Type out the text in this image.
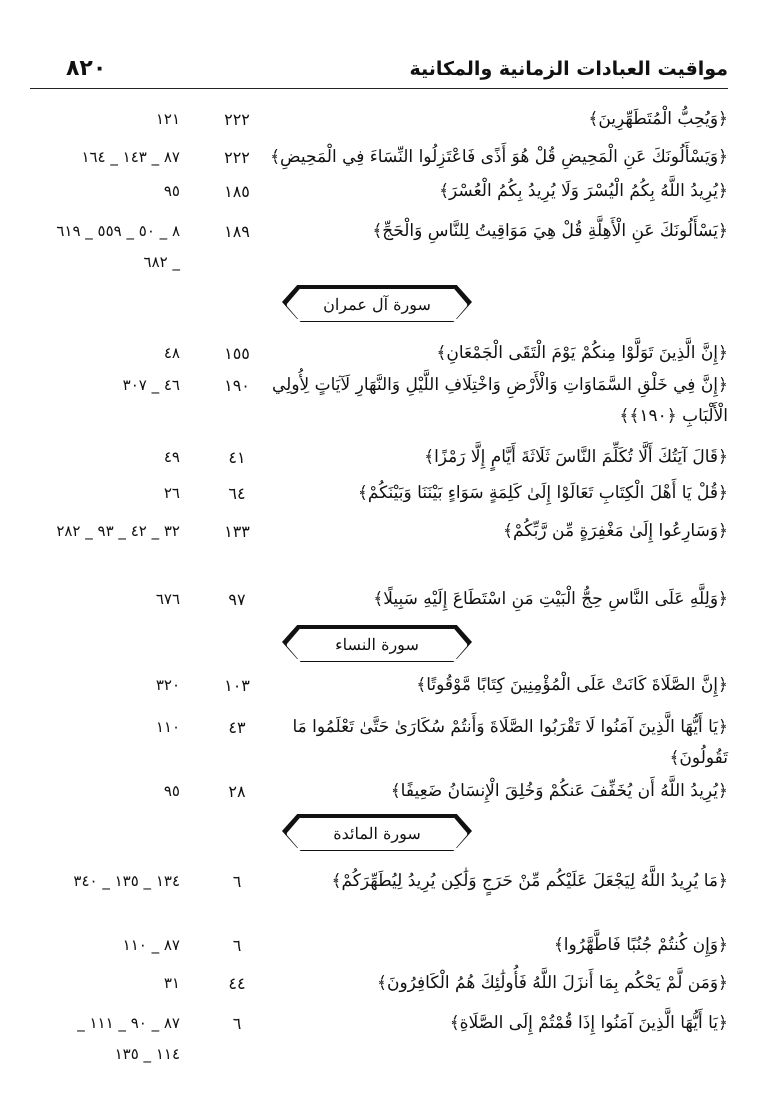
مواقيت العبادات الزمانية والمكانية
٨٢٠
﴿وَيُحِبُّ الْمُتَطَهِّرِينَ﴾
٢٢٢
١٢١
﴿وَيَسْأَلُونَكَ عَنِ الْمَحِيضِ قُلْ هُوَ أَذًى فَاعْتَزِلُوا النِّسَاءَ فِي الْمَحِيضِ﴾
٢٢٢
٨٧ _ ١٤٣ _ ١٦٤
﴿يُرِيدُ اللَّهُ بِكُمُ الْيُسْرَ وَلَا يُرِيدُ بِكُمُ الْعُسْرَ﴾
١٨٥
٩٥
﴿يَسْأَلُونَكَ عَنِ الْأَهِلَّةِ قُلْ هِيَ مَوَاقِيتُ لِلنَّاسِ وَالْحَجِّ﴾
١٨٩
٨ _ ٥٠ _ ٥٥٩ _ ٦١٩ _ ٦٨٢
سورة آل عمران
﴿إِنَّ الَّذِينَ تَوَلَّوْا مِنكُمْ يَوْمَ الْتَقَى الْجَمْعَانِ﴾
١٥٥
٤٨
﴿إِنَّ فِي خَلْقِ السَّمَاوَاتِ وَالْأَرْضِ وَاخْتِلَافِ اللَّيْلِ وَالنَّهَارِ لَآيَاتٍ لِأُولِي الْأَلْبَابِ ﴿١٩٠﴾﴾
١٩٠
٤٦ _ ٣٠٧
﴿قَالَ آيَتُكَ أَلَّا تُكَلِّمَ النَّاسَ ثَلَاثَةَ أَيَّامٍ إِلَّا رَمْزًا﴾
٤١
٤٩
﴿قُلْ يَا أَهْلَ الْكِتَابِ تَعَالَوْا إِلَىٰ كَلِمَةٍ سَوَاءٍ بَيْنَنَا وَبَيْنَكُمْ﴾
٦٤
٢٦
﴿وَسَارِعُوا إِلَىٰ مَغْفِرَةٍ مِّن رَّبِّكُمْ﴾
١٣٣
٣٢ _ ٤٢ _ ٩٣ _ ٢٨٢
﴿وَلِلَّهِ عَلَى النَّاسِ حِجُّ الْبَيْتِ مَنِ اسْتَطَاعَ إِلَيْهِ سَبِيلًا﴾
٩٧
٦٧٦
سورة النساء
﴿إِنَّ الصَّلَاةَ كَانَتْ عَلَى الْمُؤْمِنِينَ كِتَابًا مَّوْقُوتًا﴾
١٠٣
٣٢٠
﴿يَا أَيُّهَا الَّذِينَ آمَنُوا لَا تَقْرَبُوا الصَّلَاةَ وَأَنتُمْ سُكَارَىٰ حَتَّىٰ تَعْلَمُوا مَا تَقُولُونَ﴾
٤٣
١١٠
﴿يُرِيدُ اللَّهُ أَن يُخَفِّفَ عَنكُمْ وَخُلِقَ الْإِنسَانُ ضَعِيفًا﴾
٢٨
٩٥
سورة المائدة
﴿مَا يُرِيدُ اللَّهُ لِيَجْعَلَ عَلَيْكُم مِّنْ حَرَجٍ وَلَٰكِن يُرِيدُ لِيُطَهِّرَكُمْ﴾
٦
١٣٤ _ ١٣٥ _ ٣٤٠
﴿وَإِن كُنتُمْ جُنُبًا فَاطَّهَّرُوا﴾
٦
٨٧ _ ١١٠
﴿وَمَن لَّمْ يَحْكُم بِمَا أَنزَلَ اللَّهُ فَأُولَٰئِكَ هُمُ الْكَافِرُونَ﴾
٤٤
٣١
﴿يَا أَيُّهَا الَّذِينَ آمَنُوا إِذَا قُمْتُمْ إِلَى الصَّلَاةِ﴾
٦
٨٧ _ ٩٠ _ ١١١ _ ١١٤ _ ١٣٥
